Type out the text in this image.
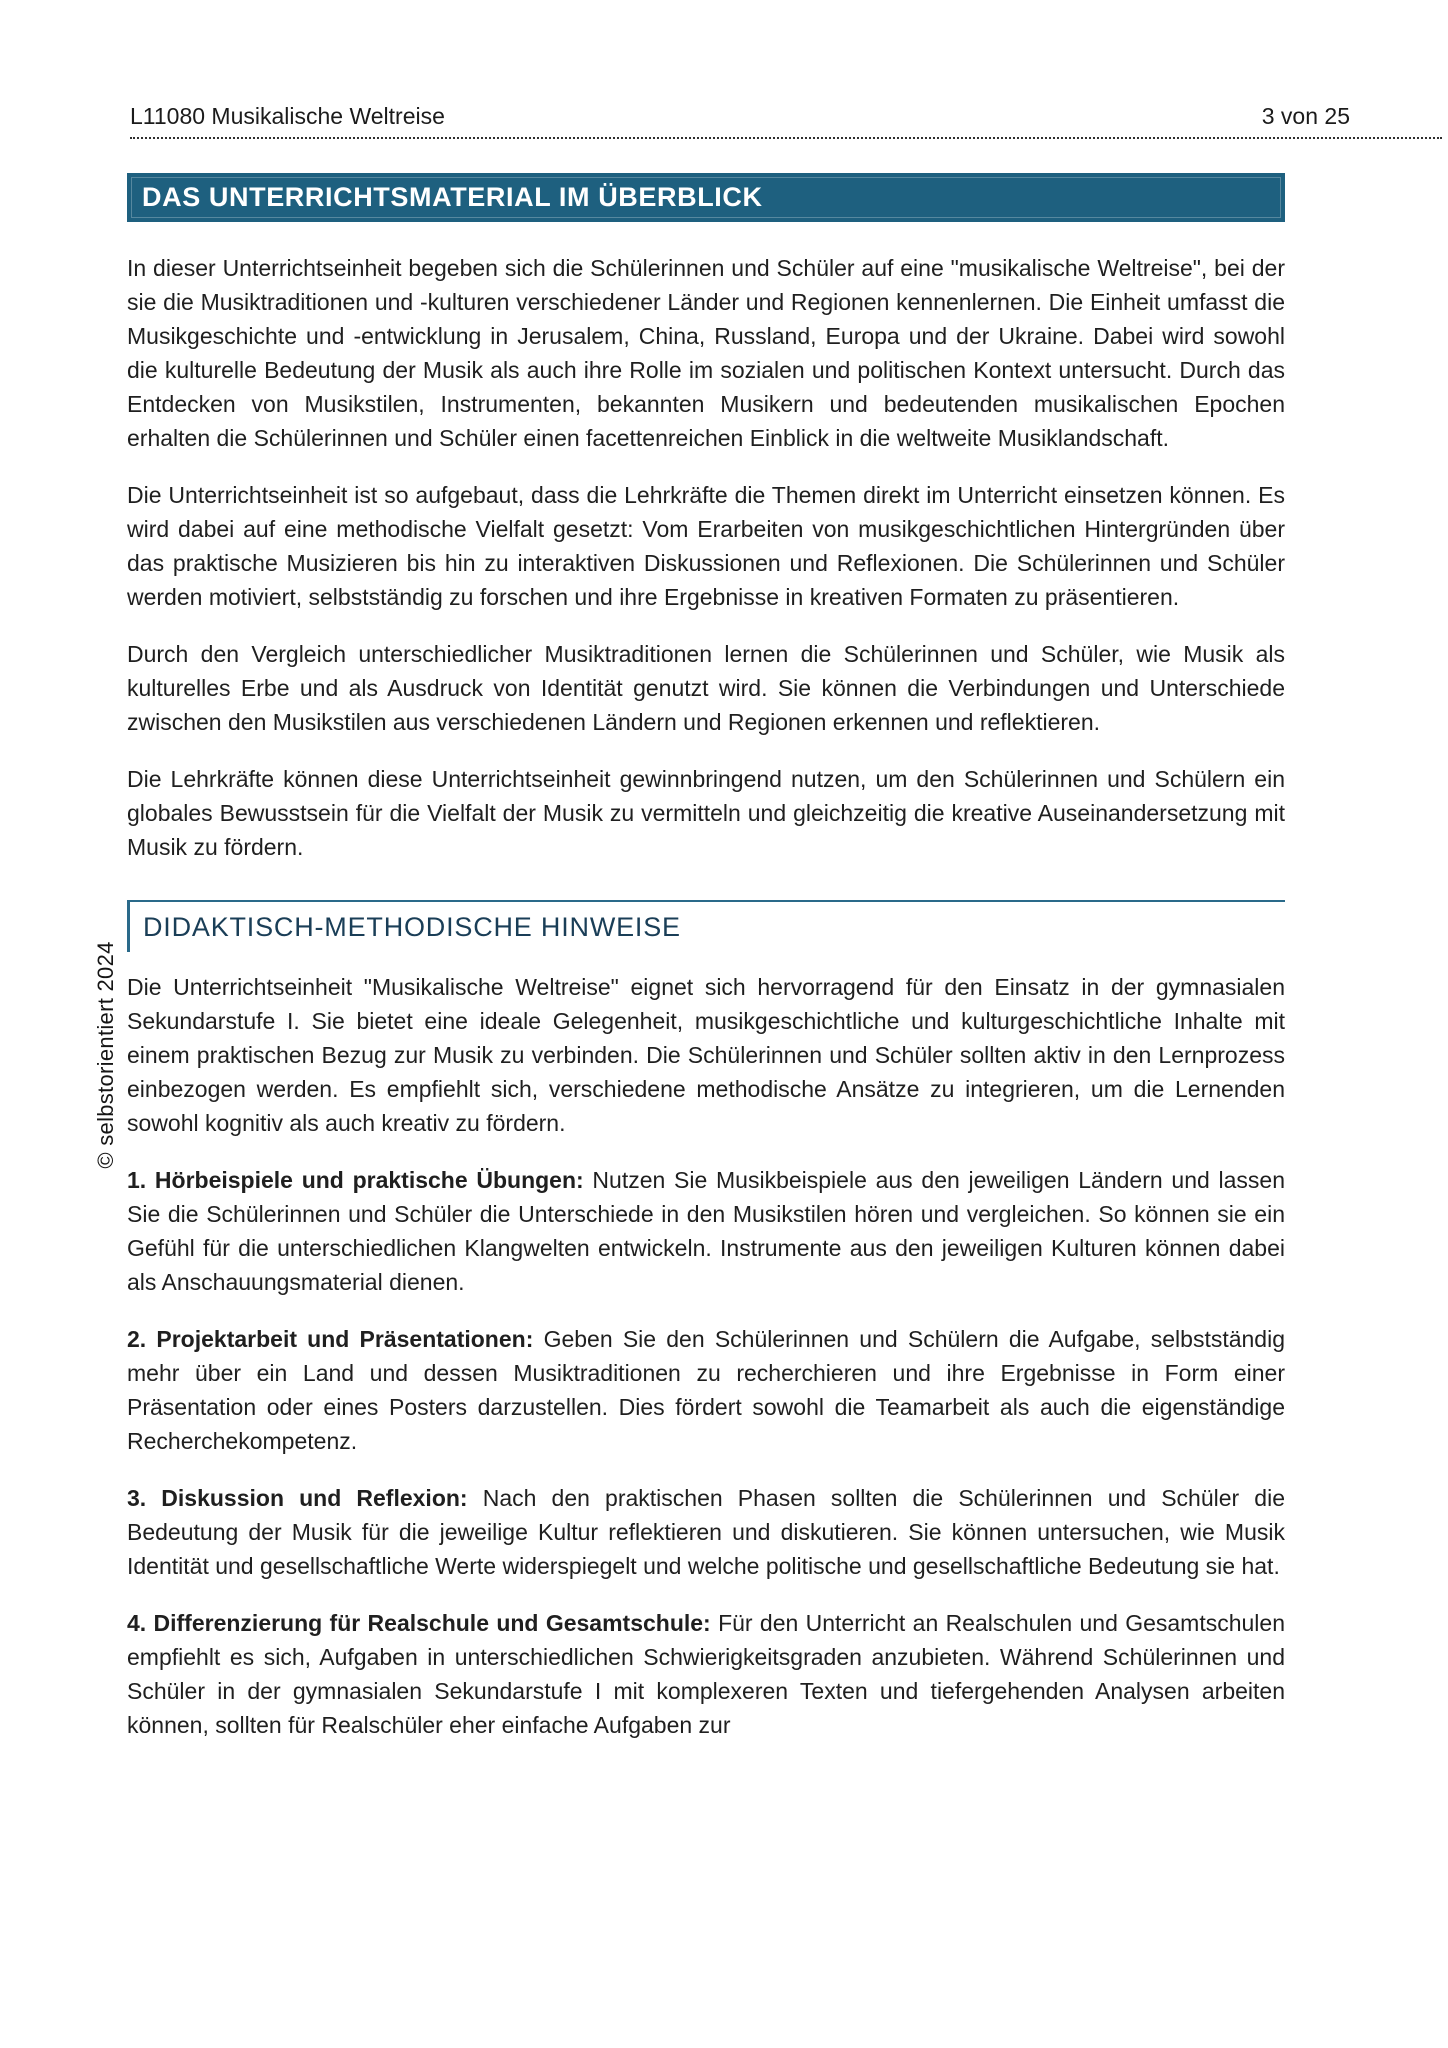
L11080 Musikalische Weltreise	3 von 25
© selbstorientiert 2024
DAS UNTERRICHTSMATERIAL IM ÜBERBLICK

In dieser Unterrichtseinheit begeben sich die Schülerinnen und Schüler auf eine "musikalische Weltreise", bei der sie die Musiktraditionen und -kulturen verschiedener Länder und Regionen kennenlernen. Die Einheit umfasst die Musikgeschichte und -entwicklung in Jerusalem, China, Russland, Europa und der Ukraine. Dabei wird sowohl die kulturelle Bedeutung der Musik als auch ihre Rolle im sozialen und politischen Kontext untersucht. Durch das Entdecken von Musikstilen, Instrumenten, bekannten Musikern und bedeutenden musikalischen Epochen erhalten die Schülerinnen und Schüler einen facettenreichen Einblick in die weltweite Musiklandschaft.

Die Unterrichtseinheit ist so aufgebaut, dass die Lehrkräfte die Themen direkt im Unterricht einsetzen können. Es wird dabei auf eine methodische Vielfalt gesetzt: Vom Erarbeiten von musikgeschichtlichen Hintergründen über das praktische Musizieren bis hin zu interaktiven Diskussionen und Reflexionen. Die Schülerinnen und Schüler werden motiviert, selbstständig zu forschen und ihre Ergebnisse in kreativen Formaten zu präsentieren.

Durch den Vergleich unterschiedlicher Musiktraditionen lernen die Schülerinnen und Schüler, wie Musik als kulturelles Erbe und als Ausdruck von Identität genutzt wird. Sie können die Verbindungen und Unterschiede zwischen den Musikstilen aus verschiedenen Ländern und Regionen erkennen und reflektieren.

Die Lehrkräfte können diese Unterrichtseinheit gewinnbringend nutzen, um den Schülerinnen und Schülern ein globales Bewusstsein für die Vielfalt der Musik zu vermitteln und gleichzeitig die kreative Auseinandersetzung mit Musik zu fördern.

DIDAKTISCH-METHODISCHE HINWEISE

Die Unterrichtseinheit "Musikalische Weltreise" eignet sich hervorragend für den Einsatz in der gymnasialen Sekundarstufe I. Sie bietet eine ideale Gelegenheit, musikgeschichtliche und kulturgeschichtliche Inhalte mit einem praktischen Bezug zur Musik zu verbinden. Die Schülerinnen und Schüler sollten aktiv in den Lernprozess einbezogen werden. Es empfiehlt sich, verschiedene methodische Ansätze zu integrieren, um die Lernenden sowohl kognitiv als auch kreativ zu fördern.

1. Hörbeispiele und praktische Übungen: Nutzen Sie Musikbeispiele aus den jeweiligen Ländern und lassen Sie die Schülerinnen und Schüler die Unterschiede in den Musikstilen hören und vergleichen. So können sie ein Gefühl für die unterschiedlichen Klangwelten entwickeln. Instrumente aus den jeweiligen Kulturen können dabei als Anschauungsmaterial dienen.

2. Projektarbeit und Präsentationen: Geben Sie den Schülerinnen und Schülern die Aufgabe, selbstständig mehr über ein Land und dessen Musiktraditionen zu recherchieren und ihre Ergebnisse in Form einer Präsentation oder eines Posters darzustellen. Dies fördert sowohl die Teamarbeit als auch die eigenständige Recherchekompetenz.

3. Diskussion und Reflexion: Nach den praktischen Phasen sollten die Schülerinnen und Schüler die Bedeutung der Musik für die jeweilige Kultur reflektieren und diskutieren. Sie können untersuchen, wie Musik Identität und gesellschaftliche Werte widerspiegelt und welche politische und gesellschaftliche Bedeutung sie hat.

4. Differenzierung für Realschule und Gesamtschule: Für den Unterricht an Realschulen und Gesamtschulen empfiehlt es sich, Aufgaben in unterschiedlichen Schwierigkeitsgraden anzubieten. Während Schülerinnen und Schüler in der gymnasialen Sekundarstufe I mit komplexeren Texten und tiefergehenden Analysen arbeiten können, sollten für Realschüler eher einfache Aufgaben zur
